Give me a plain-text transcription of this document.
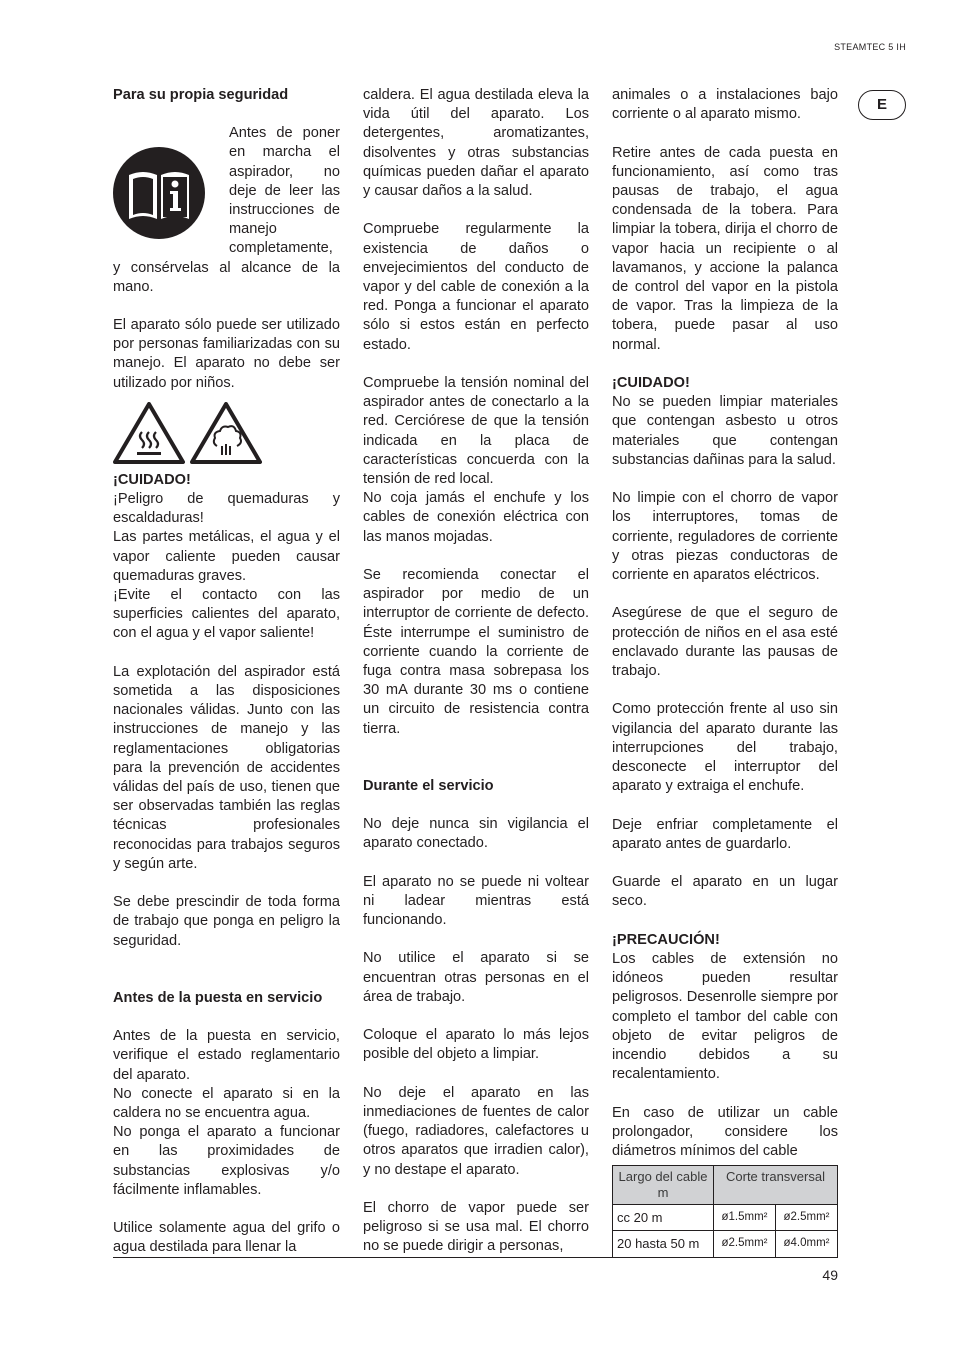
STEAMTEC 5 IH
E
Para su propia seguridad
Antes de poner en marcha el aspirador, no deje de leer las instrucciones de manejo completamente, y consérvelas al alcance de la mano.

El aparato sólo puede ser utilizado por personas familiarizadas con su manejo. El aparato no debe ser utilizado por niños.

¡CUIDADO!

¡Peligro de quemaduras y escaldaduras!

Las partes metálicas, el agua y el vapor caliente pueden causar quemaduras graves.

¡Evite el contacto con las superficies calientes del aparato, con el agua y el vapor saliente!

La explotación del aspirador está sometida a las disposiciones nacionales válidas. Junto con las instrucciones de manejo y las reglamentaciones obligatorias para la prevención de accidentes válidas del país de uso, tienen que ser observadas también las reglas técnicas profesionales reconocidas para trabajos seguros y según arte.

Se debe prescindir de toda forma de trabajo que ponga en peligro la seguridad.

Antes de la puesta en servicio

Antes de la puesta en servicio, verifique el estado reglamentario del aparato.

No conecte el aparato si en la caldera no se encuentra agua.

No ponga el aparato a funcionar en las proximidades de substancias explosivas y/o fácilmente inflamables.

Utilice solamente agua del grifo o agua destilada para llenar la

caldera. El agua destilada eleva la vida útil del aparato. Los detergentes, aromatizantes, disolventes y otras substancias químicas pueden dañar el aparato y causar daños a la salud.

Compruebe regularmente la existencia de daños o envejecimientos del conducto de vapor y del cable de conexión a la red. Ponga a funcionar el aparato sólo si estos están en perfecto estado.

Compruebe la tensión nominal del aspirador antes de conectarlo a la red. Cerciórese de que la tensión indicada en la placa de características concuerda con la tensión de red local.

No coja jamás el enchufe y los cables de conexión eléctrica con las manos mojadas.

Se recomienda conectar el aspirador por medio de un interruptor de corriente de defecto. Éste interrumpe el suministro de corriente cuando la corriente de fuga contra masa sobrepasa los 30 mA durante 30 ms o contiene un circuito de resistencia contra tierra.

Durante el servicio

No deje nunca sin vigilancia el aparato conectado.

El aparato no se puede ni voltear ni ladear mientras está funcionando.

No utilice el aparato si se encuentran otras personas en el área de trabajo.

Coloque el aparato lo más lejos posible del objeto a limpiar.

No deje el aparato en las inmediaciones de fuentes de calor (fuego, radiadores, calefactores u otros aparatos que irradien calor), y no destape el aparato.

El chorro de vapor puede ser peligroso si se usa mal. El chorro no se puede dirigir a personas,

animales o a instalaciones bajo corriente o al aparato mismo.

Retire antes de cada puesta en funcionamiento, así como tras pausas de trabajo, el agua condensada de la tobera. Para limpiar la tobera, dirija el chorro de vapor hacia un recipiente o al lavamanos, y accione la palanca de control del vapor en la pistola de vapor. Tras la limpieza de la tobera, puede pasar al uso normal.

¡CUIDADO!

No se pueden limpiar materiales que contengan asbesto u otros materiales que contengan substancias dañinas para la salud.

No limpie con el chorro de vapor los interruptores, tomas de corriente, reguladores de corriente y otras piezas conductoras de corriente en aparatos eléctricos.

Asegúrese de que el seguro de protección de niños en el asa esté enclavado durante las pausas de trabajo.

Como protección frente al uso sin vigilancia del aparato durante las interrupciones del trabajo, desconecte el interruptor del aparato y extraiga el enchufe.

Deje enfriar completamente el aparato antes de guardarlo.

Guarde el aparato en un lugar seco.

¡PRECAUCIÓN!

Los cables de extensión no idóneos pueden resultar peligrosos. Desenrolle siempre por completo el tambor del cable con objeto de evitar peligros de incendio debidos a su recalentamiento.

En caso de utilizar un cable prolongador, considere los diámetros mínimos del cable

Largo del cable m	Corte transversal	
cc 20 m	ø1.5mm²	ø2.5mm²
20 hasta 50 m	ø2.5mm²	ø4.0mm²
49
